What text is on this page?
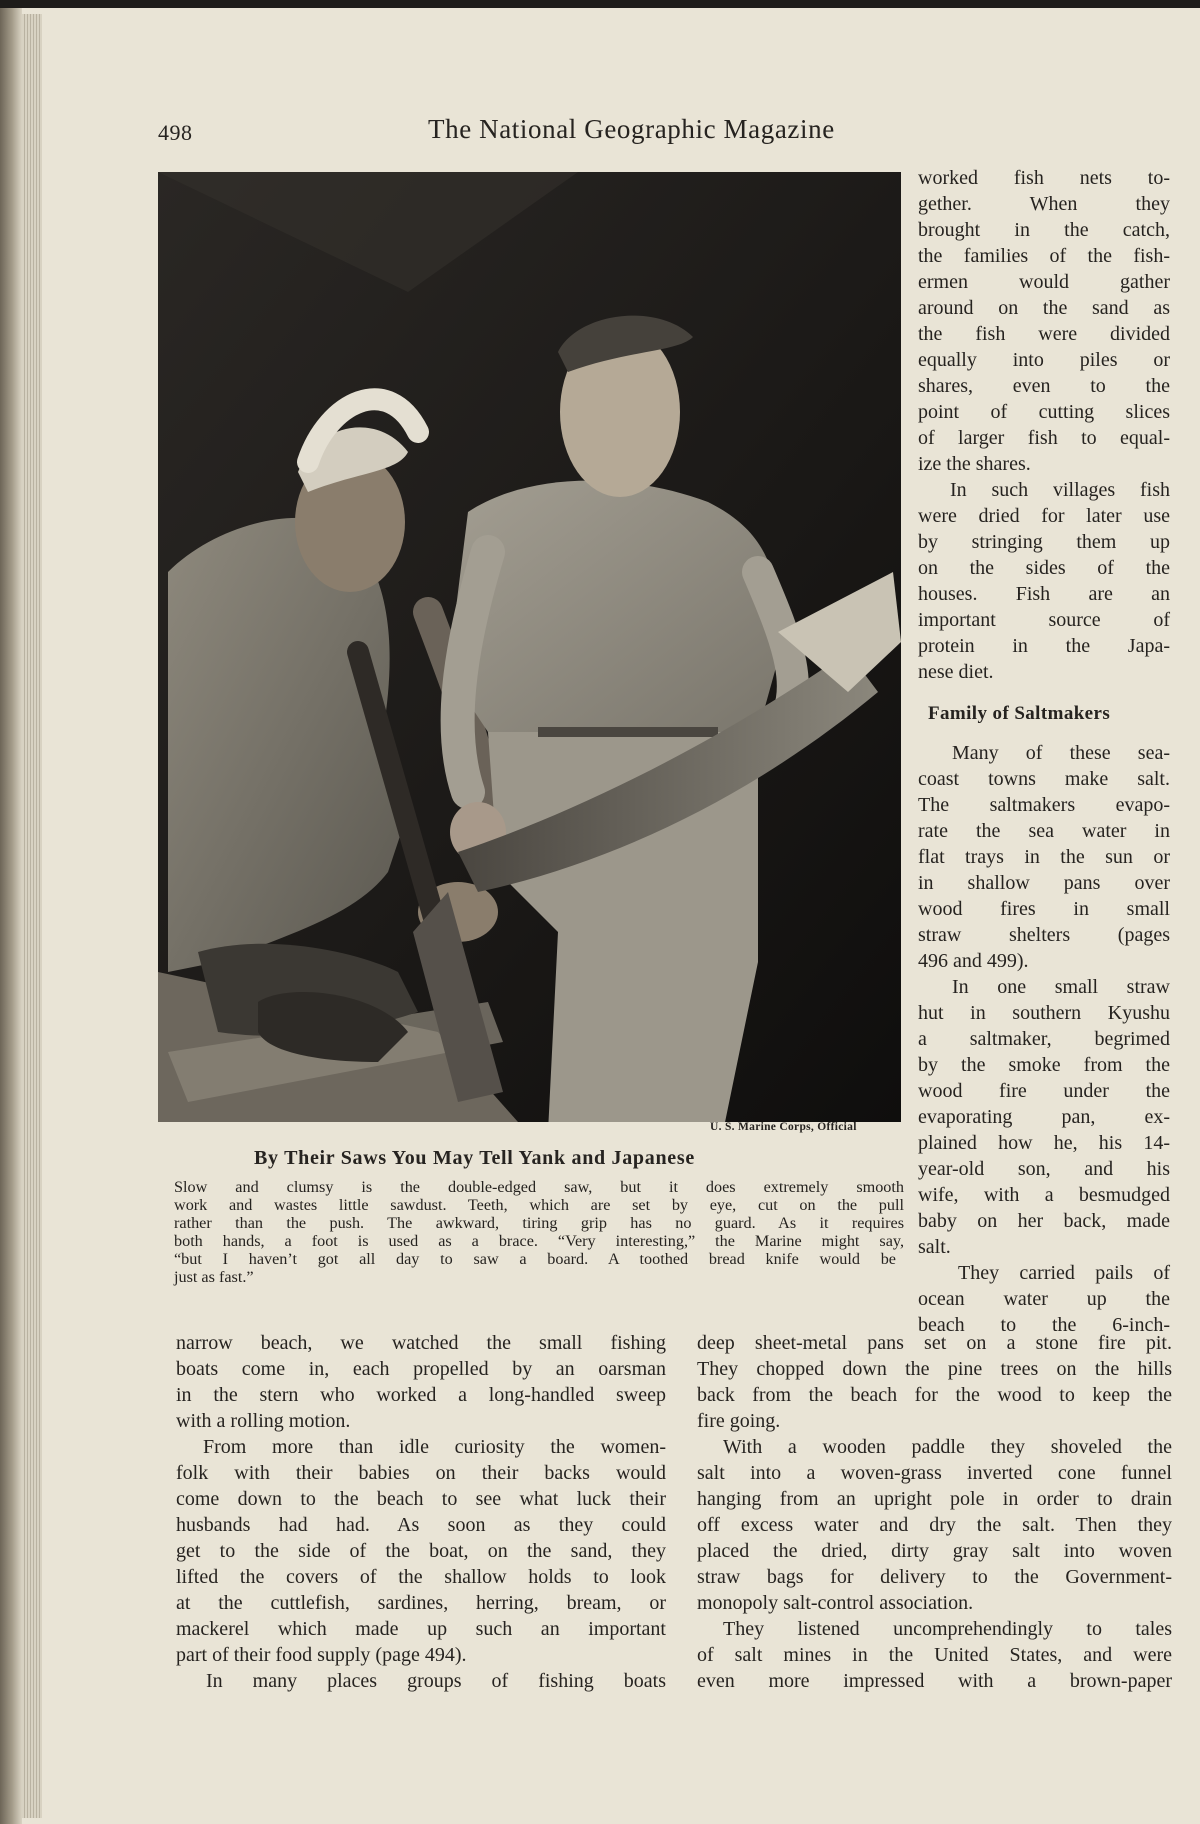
498	The National Geographic Magazine
U. S. Marine Corps, Official
By Their Saws You May Tell Yank and Japanese
Slow and clumsy is the double-edged saw, but it does extremely smooth
work and wastes little sawdust. Teeth, which are set by eye, cut on the pull
rather than the push. The awkward, tiring grip has no guard. As it requires
both hands, a foot is used as a brace. “Very interesting,” the Marine might say,
“but I haven’t got all day to saw a board. A toothed bread knife would be
just as fast.”
worked fish nets to-
gether. When they
brought in the catch,
the families of the fish-
ermen would gather
around on the sand as
the fish were divided
equally into piles or
shares, even to the
point of cutting slices
of larger fish to equal-
ize the shares.
In such villages fish
were dried for later use
by stringing them up
on the sides of the
houses. Fish are an
important source of
protein in the Japa-
nese diet.
Family of Saltmakers
Many of these sea-
coast towns make salt.
The saltmakers evapo-
rate the sea water in
flat trays in the sun or
in shallow pans over
wood fires in small
straw shelters (pages
496 and 499).
In one small straw
hut in southern Kyushu
a saltmaker, begrimed
by the smoke from the
wood fire under the
evaporating pan, ex-
plained how he, his 14-
year-old son, and his
wife, with a besmudged
baby on her back, made
salt.
They carried pails of
ocean water up the
beach to the 6-inch-
narrow beach, we watched the small fishing
boats come in, each propelled by an oarsman
in the stern who worked a long-handled sweep
with a rolling motion.
From more than idle curiosity the women-
folk with their babies on their backs would
come down to the beach to see what luck their
husbands had had. As soon as they could
get to the side of the boat, on the sand, they
lifted the covers of the shallow holds to look
at the cuttlefish, sardines, herring, bream, or
mackerel which made up such an important
part of their food supply (page 494).
In many places groups of fishing boats
deep sheet-metal pans set on a stone fire pit.
They chopped down the pine trees on the hills
back from the beach for the wood to keep the
fire going.
With a wooden paddle they shoveled the
salt into a woven-grass inverted cone funnel
hanging from an upright pole in order to drain
off excess water and dry the salt. Then they
placed the dried, dirty gray salt into woven
straw bags for delivery to the Government-
monopoly salt-control association.
They listened uncomprehendingly to tales
of salt mines in the United States, and were
even more impressed with a brown-paper
